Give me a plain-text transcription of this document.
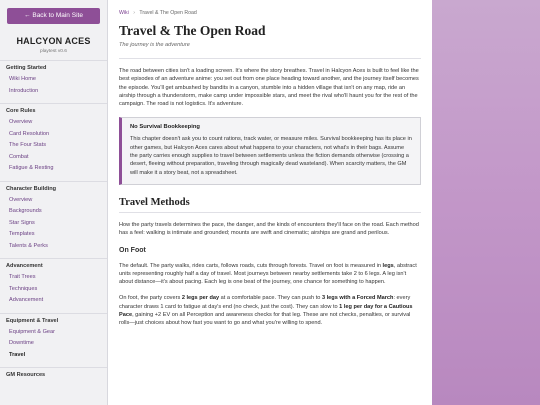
← Back to Main Site
HALCYON ACES
playtest v0.6
Getting Started
Wiki Home
Introduction
Core Rules
Overview
Card Resolution
The Four Stats
Combat
Fatigue & Resting
Character Building
Overview
Backgrounds
Star Signs
Templates
Talents & Perks
Advancement
Trait Trees
Techniques
Advancement
Equipment & Travel
Equipment & Gear
Downtime
Travel
GM Resources
Wiki › Travel & The Open Road
Travel & The Open Road
The journey is the adventure

The road between cities isn't a loading screen. It's where the story breathes. Travel in Halcyon Aces is built to feel like the best episodes of an adventure anime: you set out from one place heading toward another, and the journey itself becomes the episode. You'll get ambushed by bandits in a canyon, stumble into a hidden village that isn't on any map, ride an airship through a thunderstorm, make camp under impossible stars, and meet the rival who'll haunt you for the rest of the campaign. The road is not logistics. It's adventure.

No Survival Bookkeeping
This chapter doesn't ask you to count rations, track water, or measure miles. Survival bookkeeping has its place in other games, but Halcyon Aces cares about what happens to your characters, not what's in their bags. Assume the party carries enough supplies to travel between settlements unless the fiction demands otherwise (crossing a desert, fleeing without preparation, traveling through magically dead wasteland). When scarcity matters, the GM will make it a story beat, not a spreadsheet.
Travel Methods

How the party travels determines the pace, the danger, and the kinds of encounters they'll face on the road. Each method has a feel: walking is intimate and grounded; mounts are swift and cinematic; airships are grand and perilous.

On Foot

The default. The party walks, rides carts, follows roads, cuts through forests. Travel on foot is measured in legs, abstract units representing roughly half a day of travel. Most journeys between nearby settlements take 2 to 6 legs. A leg isn't about distance—it's about pacing. Each leg is one beat of the journey, one chance for something to happen.

On foot, the party covers 2 legs per day at a comfortable pace. They can push to 3 legs with a Forced March: every character draws 1 card to fatigue at day's end (no check, just the cost). They can slow to 1 leg per day for a Cautious Pace, gaining +2 EV on all Perception and awareness checks for that leg. These are not checks, penalties, or survival rolls—just choices about how fast you want to go and what you're willing to spend.
